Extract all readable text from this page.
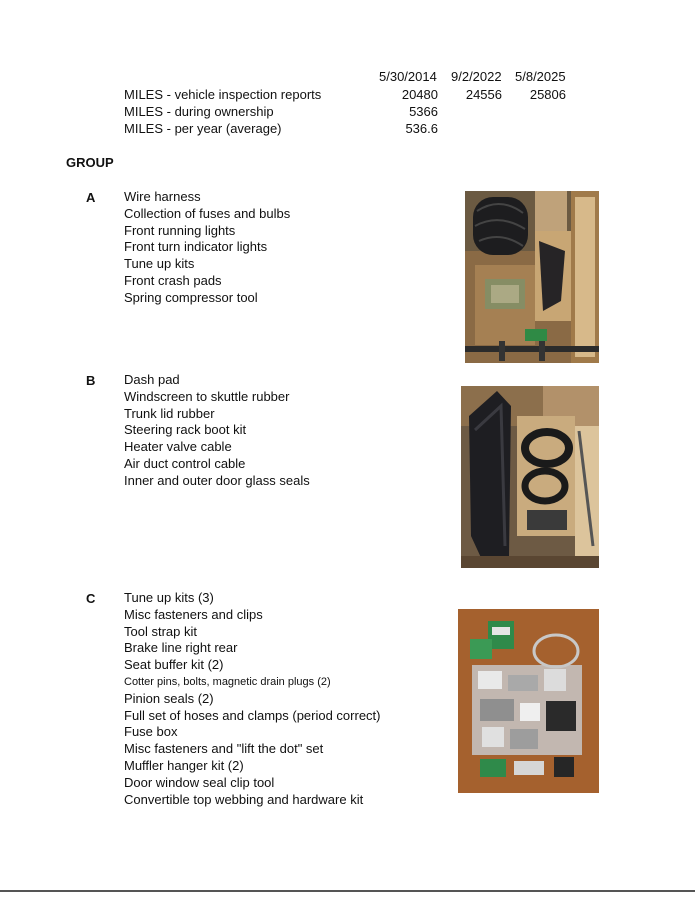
5/30/2014 9/2/2022 5/8/2025
MILES - vehicle inspection reports	20480 24556 25806
MILES - during ownership	5366
MILES - per year (average)	536.6
GROUP
A Wire harness
Collection of fuses and bulbs
Front running lights
Front turn indicator lights
Tune up kits
Front crash pads
Spring compressor tool
B Dash pad
Windscreen to skuttle rubber
Trunk lid rubber
Steering rack boot kit
Heater valve cable
Air duct control cable
Inner and outer door glass seals
C Tune up kits (3)
Misc fasteners and clips
Tool strap kit
Brake line right rear
Seat buffer kit (2)
Cotter pins, bolts, magnetic drain plugs (2)
Pinion seals (2)
Full set of hoses and clamps (period correct)
Fuse box
Misc fasteners and "lift the dot" set
Muffler hanger kit (2)
Door window seal clip tool
Convertible top webbing and hardware kit
